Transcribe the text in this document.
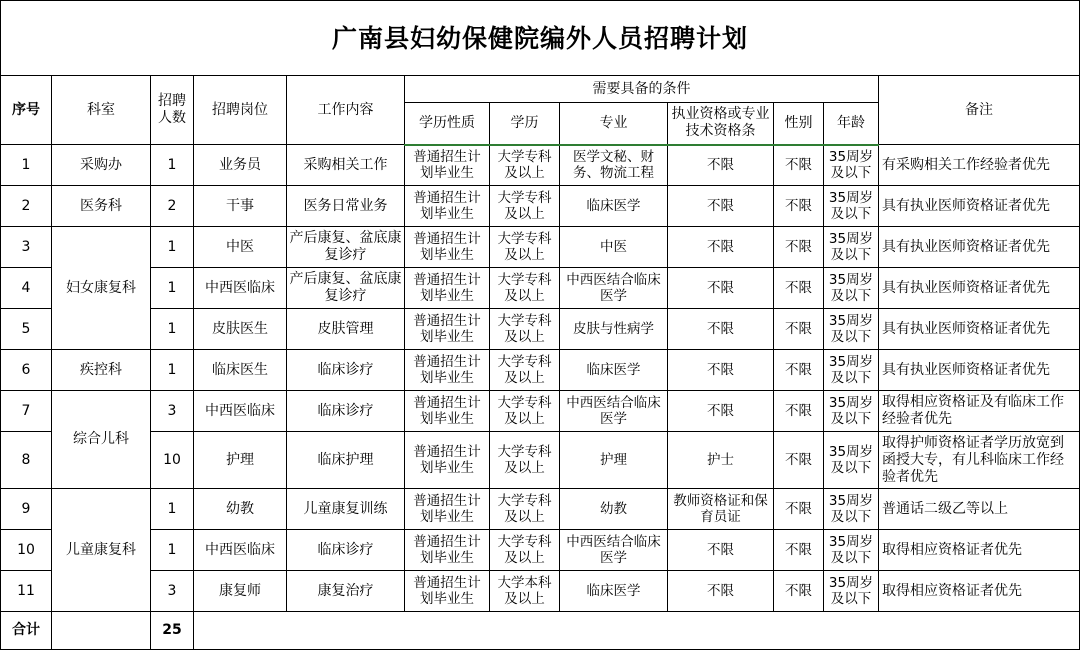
广南县妇幼保健院编外人员招聘计划											
序号	科室	招聘人数	招聘岗位	工作内容	需要具备的条件						备注
					学历性质	学历	专业	执业资格或专业技术资格条	性别	年龄	
1	采购办	1	业务员	采购相关工作	普通招生计划毕业生	大学专科及以上	医学文秘、财务、物流工程	不限	不限	35周岁及以下	有采购相关工作经验者优先
2	医务科	2	干事	医务日常业务	普通招生计划毕业生	大学专科及以上	临床医学	不限	不限	35周岁及以下	具有执业医师资格证者优先
3	妇女康复科	1	中医	产后康复、盆底康复诊疗	普通招生计划毕业生	大学专科及以上	中医	不限	不限	35周岁及以下	具有执业医师资格证者优先
4		1	中西医临床	产后康复、盆底康复诊疗	普通招生计划毕业生	大学专科及以上	中西医结合临床医学	不限	不限	35周岁及以下	具有执业医师资格证者优先
5		1	皮肤医生	皮肤管理	普通招生计划毕业生	大学专科及以上	皮肤与性病学	不限	不限	35周岁及以下	具有执业医师资格证者优先
6	疾控科	1	临床医生	临床诊疗	普通招生计划毕业生	大学专科及以上	临床医学	不限	不限	35周岁及以下	具有执业医师资格证者优先
7	综合儿科	3	中西医临床	临床诊疗	普通招生计划毕业生	大学专科及以上	中西医结合临床医学	不限	不限	35周岁及以下	取得相应资格证及有临床工作经验者优先
8		10	护理	临床护理	普通招生计划毕业生	大学专科及以上	护理	护士	不限	35周岁及以下	取得护师资格证者学历放宽到函授大专，有儿科临床工作经验者优先
9	儿童康复科	1	幼教	儿童康复训练	普通招生计划毕业生	大学专科及以上	幼教	教师资格证和保育员证	不限	35周岁及以下	普通话二级乙等以上
10		1	中西医临床	临床诊疗	普通招生计划毕业生	大学专科及以上	中西医结合临床医学	不限	不限	35周岁及以下	取得相应资格证者优先
11		3	康复师	康复治疗	普通招生计划毕业生	大学本科及以上	临床医学	不限	不限	35周岁及以下	取得相应资格证者优先
合计		25									
